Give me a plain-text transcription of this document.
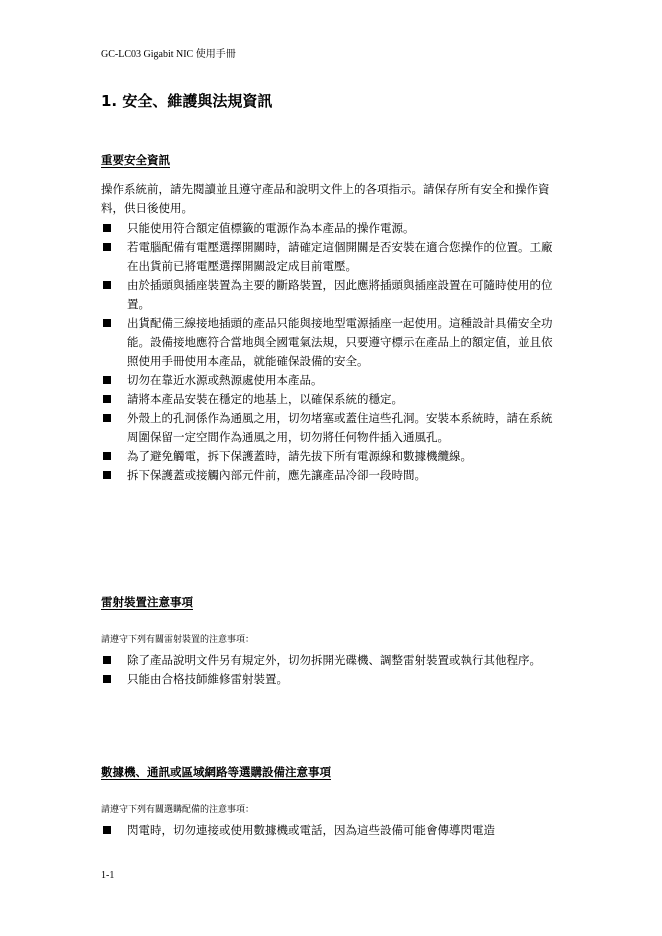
GC-LC03 Gigabit NIC 使用手冊
1. 安全、維護與法規資訊
重要安全資訊

操作系統前，請先閱讀並且遵守產品和說明文件上的各項指示。請保存所有安全和操作資料，供日後使用。

只能使用符合額定值標籤的電源作為本產品的操作電源。
若電腦配備有電壓選擇開關時，請確定這個開關是否安裝在適合您操作的位置。工廠在出貨前已將電壓選擇開關設定成目前電壓。
由於插頭與插座裝置為主要的斷路裝置，因此應將插頭與插座設置在可隨時使用的位置。
出貨配備三線接地插頭的產品只能與接地型電源插座一起使用。這種設計具備安全功能。設備接地應符合當地與全國電氣法規，只要遵守標示在產品上的額定值，並且依照使用手冊使用本產品，就能確保設備的安全。
切勿在靠近水源或熱源處使用本產品。
請將本產品安裝在穩定的地基上，以確保系統的穩定。
外殼上的孔洞係作為通風之用，切勿堵塞或蓋住這些孔洞。安裝本系統時，請在系統周圍保留一定空間作為通風之用，切勿將任何物件插入通風孔。
為了避免觸電，拆下保護蓋時，請先拔下所有電源線和數據機纜線。
拆下保護蓋或接觸內部元件前，應先讓產品冷卻一段時間。
雷射裝置注意事項

請遵守下列有關雷射裝置的注意事項：

除了產品說明文件另有規定外，切勿拆開光碟機、調整雷射裝置或執行其他程序。
只能由合格技師維修雷射裝置。
數據機、通訊或區域網路等選購設備注意事項

請遵守下列有關選購配備的注意事項：

閃電時，切勿連接或使用數據機或電話，因為這些設備可能會傳導閃電造
1-1
